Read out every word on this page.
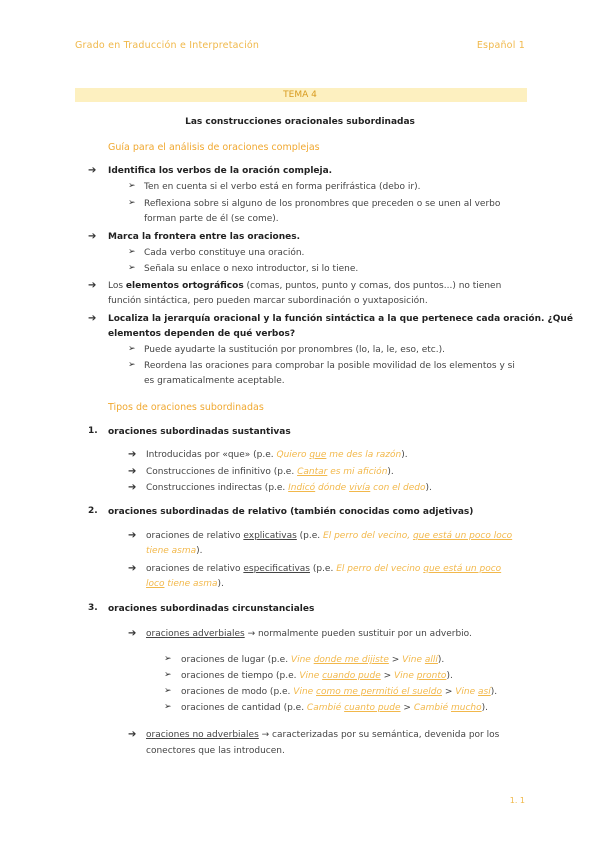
Grado en Traducción e Interpretación	Español 1
TEMA 4
Las construcciones oracionales subordinadas
Guía para el análisis de oraciones complejas
➔ Identifica los verbos de la oración compleja.
➢ Ten en cuenta si el verbo está en forma perifrástica (debo ir).
➢ Reflexiona sobre si alguno de los pronombres que preceden o se unen al verbo
forman parte de él (se come).
➔ Marca la frontera entre las oraciones.
➢ Cada verbo constituye una oración.
➢ Señala su enlace o nexo introductor, si lo tiene.
➔ Los elementos ortográficos (comas, puntos, punto y comas, dos puntos...) no tienen
función sintáctica, pero pueden marcar subordinación o yuxtaposición.
➔ Localiza la jerarquía oracional y la función sintáctica a la que pertenece cada oración. ¿Qué
elementos dependen de qué verbos?
➢ Puede ayudarte la sustitución por pronombres (lo, la, le, eso, etc.).
➢ Reordena las oraciones para comprobar la posible movilidad de los elementos y si
es gramaticalmente aceptable.
Tipos de oraciones subordinadas
1. oraciones subordinadas sustantivas
➔ Introducidas por «que» (p.e. Quiero que me des la razón).
➔ Construcciones de infinitivo (p.e. Cantar es mi afición).
➔ Construcciones indirectas (p.e. Indicó dónde vivía con el dedo).
2. oraciones subordinadas de relativo (también conocidas como adjetivas)
➔ oraciones de relativo explicativas (p.e. El perro del vecino, que está un poco loco
tiene asma).
➔ oraciones de relativo especificativas (p.e. El perro del vecino que está un poco
loco tiene asma).
3. oraciones subordinadas circunstanciales
➔ oraciones adverbiales → normalmente pueden sustituir por un adverbio.
➢ oraciones de lugar (p.e. Vine donde me dijiste > Vine allí).
➢ oraciones de tiempo (p.e. Vine cuando pude > Vine pronto).
➢ oraciones de modo (p.e. Vine como me permitió el sueldo > Vine así).
➢ oraciones de cantidad (p.e. Cambié cuanto pude > Cambié mucho).
➔ oraciones no adverbiales → caracterizadas por su semántica, devenida por los
conectores que las introducen.
1. 1
